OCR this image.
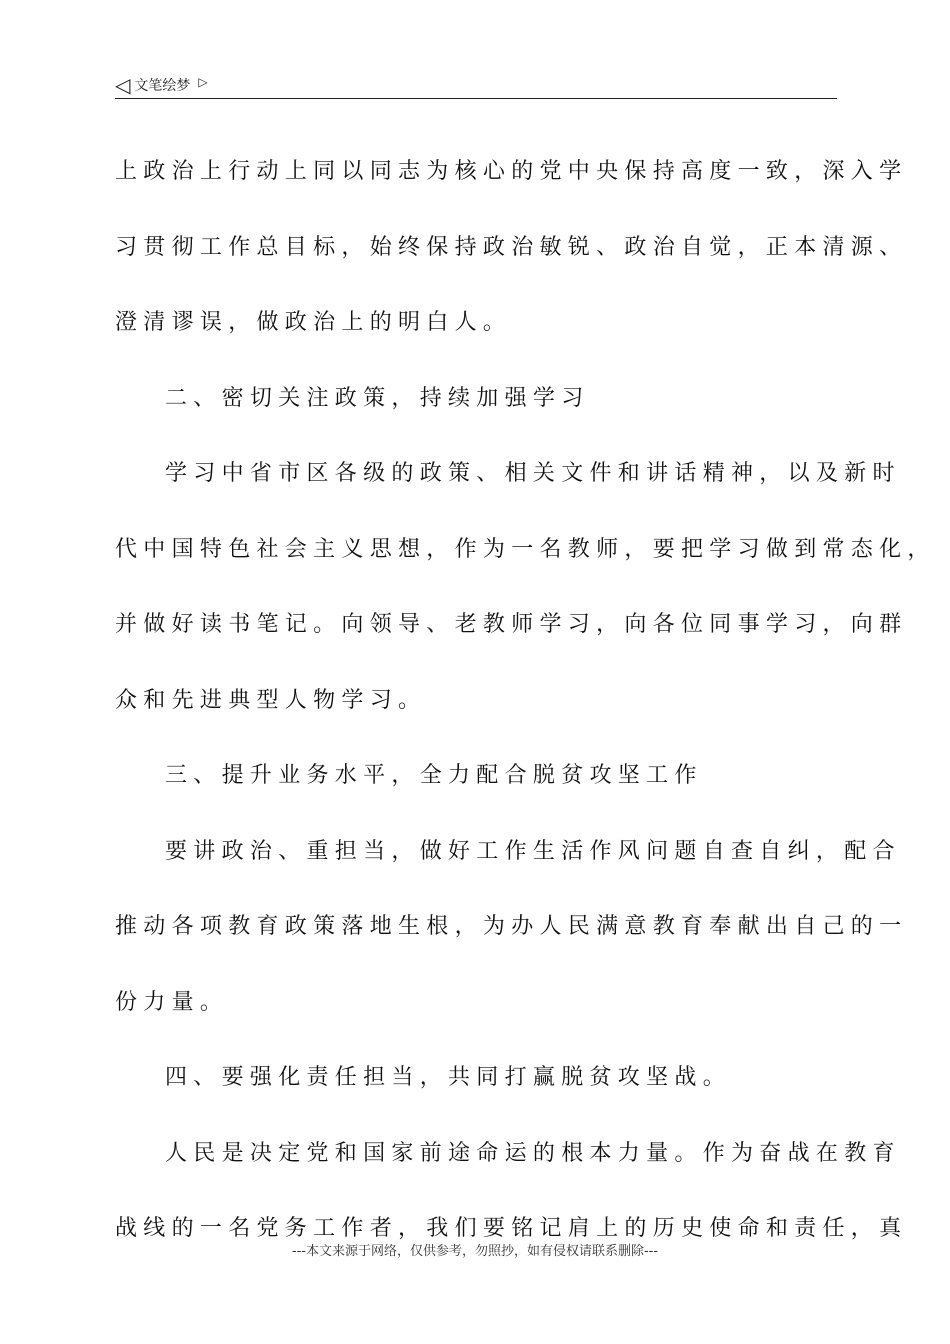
◁ 文笔绘梦 ▷
上政治上行动上同以同志为核心的党中央保持高度一致，深入学
习贯彻工作总目标，始终保持政治敏锐、政治自觉，正本清源、
澄清谬误，做政治上的明白人。
二、密切关注政策，持续加强学习
学习中省市区各级的政策、相关文件和讲话精神，以及新时
代中国特色社会主义思想，作为一名教师，要把学习做到常态化，
并做好读书笔记。向领导、老教师学习，向各位同事学习，向群
众和先进典型人物学习。
三、提升业务水平，全力配合脱贫攻坚工作
要讲政治、重担当，做好工作生活作风问题自查自纠，配合
推动各项教育政策落地生根，为办人民满意教育奉献出自己的一
份力量。
四、要强化责任担当，共同打赢脱贫攻坚战。
人民是决定党和国家前途命运的根本力量。作为奋战在教育
战线的一名党务工作者，我们要铭记肩上的历史使命和责任，真
---本文来源于网络，仅供参考，勿照抄，如有侵权请联系删除---
